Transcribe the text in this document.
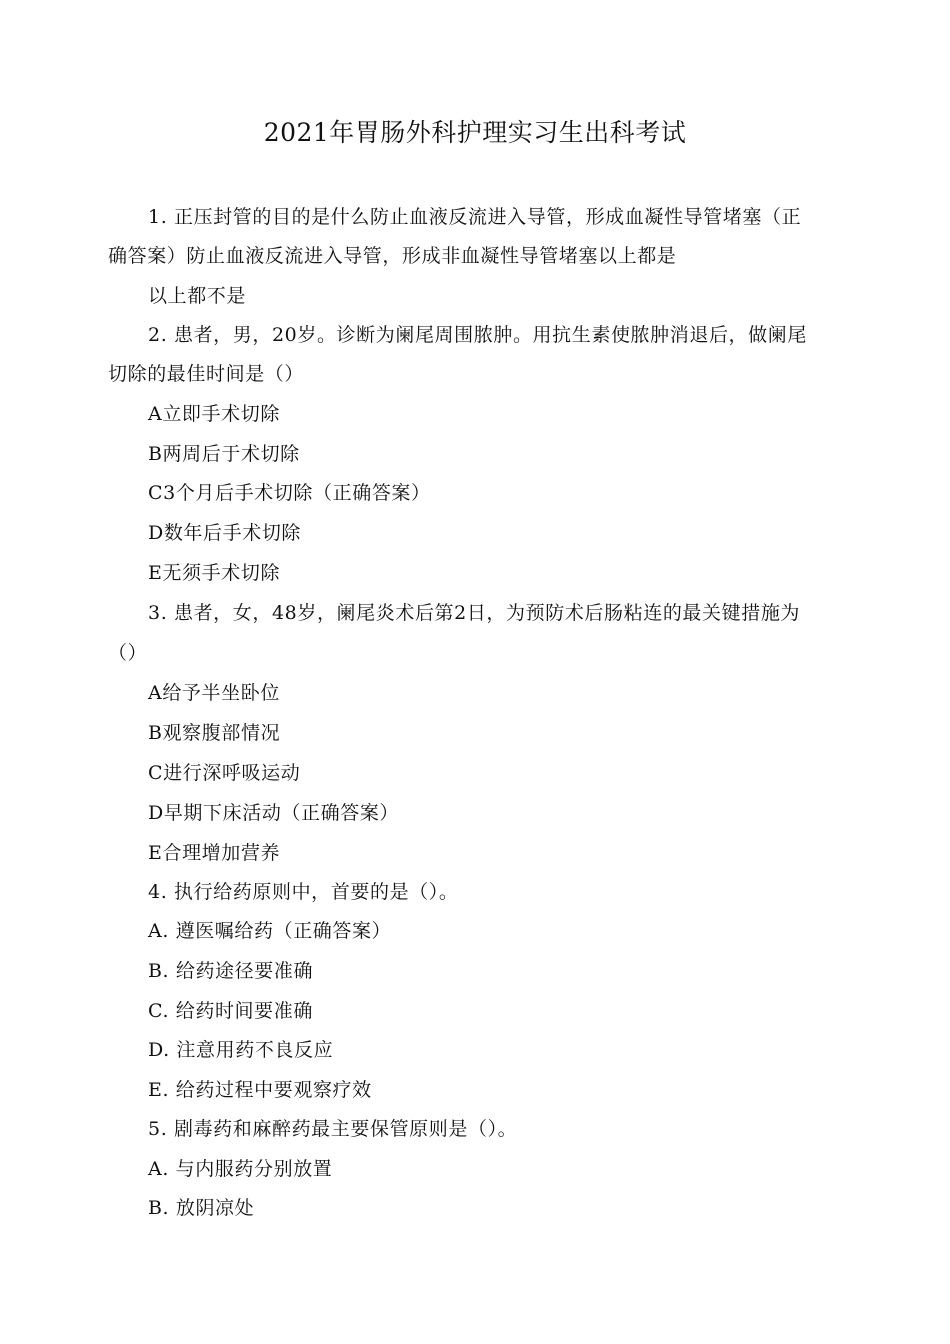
2021年胃肠外科护理实习生出科考试
1. 正压封管的目的是什么防止血液反流进入导管，形成血凝性导管堵塞（正
确答案）防止血液反流进入导管，形成非血凝性导管堵塞以上都是
以上都不是
2. 患者，男，20岁。诊断为阑尾周围脓肿。用抗生素使脓肿消退后，做阑尾
切除的最佳时间是（）
A立即手术切除
B两周后于术切除
C3个月后手术切除（正确答案）
D数年后手术切除
E无须手术切除
3. 患者，女，48岁，阑尾炎术后第2日，为预防术后肠粘连的最关键措施为
（）
A给予半坐卧位
B观察腹部情况
C进行深呼吸运动
D早期下床活动（正确答案）
E合理增加营养
4. 执行给药原则中，首要的是（）。
A. 遵医嘱给药（正确答案）
B. 给药途径要准确
C. 给药时间要准确
D. 注意用药不良反应
E. 给药过程中要观察疗效
5. 剧毒药和麻醉药最主要保管原则是（）。
A. 与内服药分别放置
B. 放阴凉处
